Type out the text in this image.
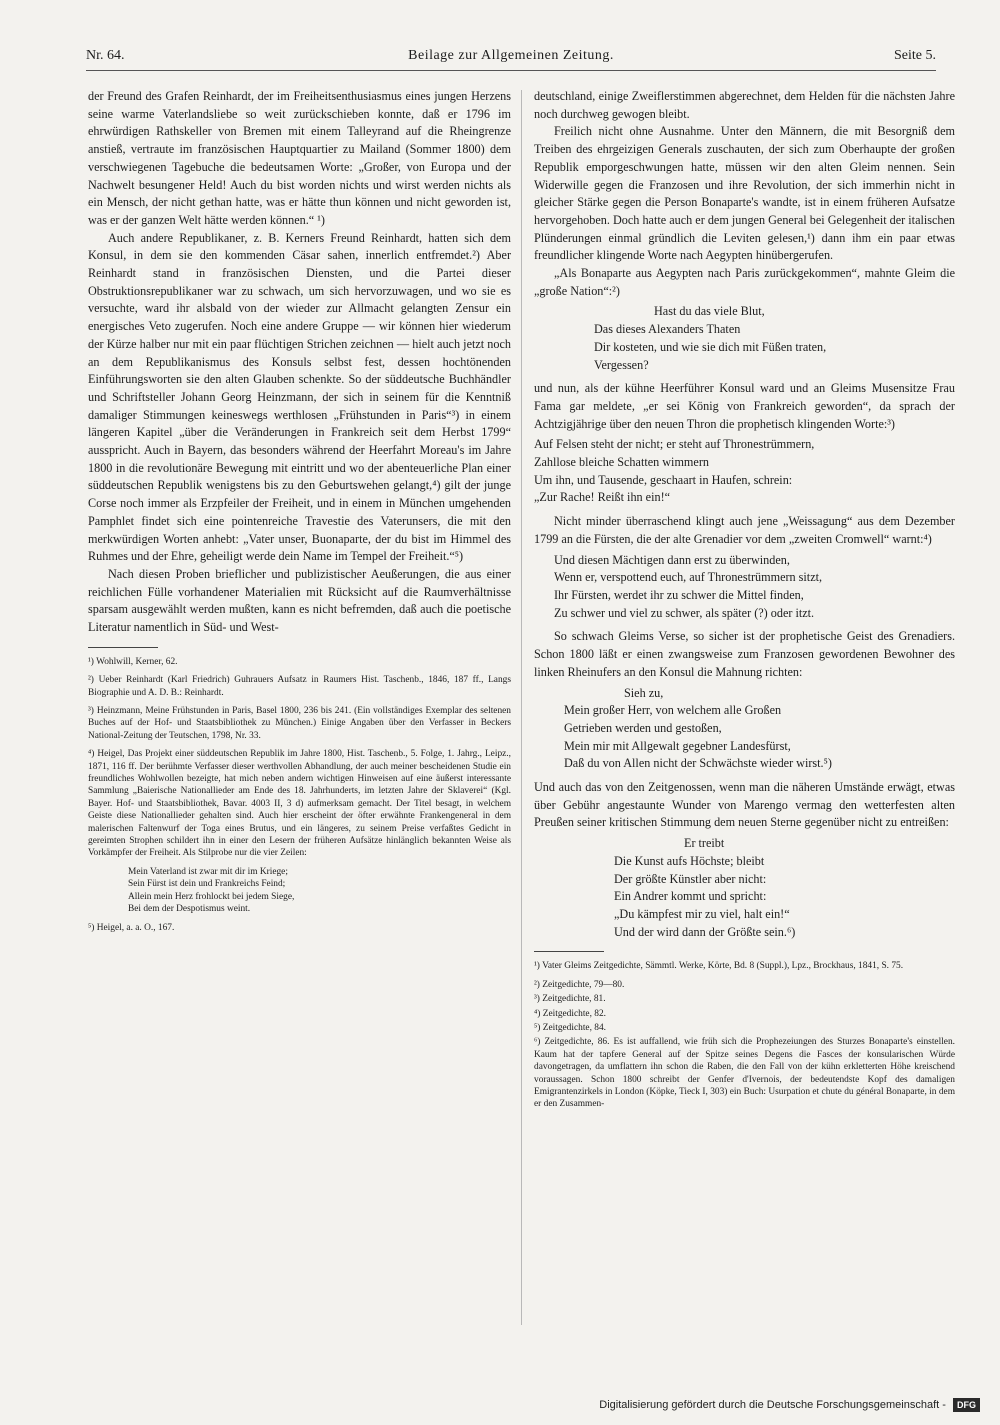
Nr. 64.	Beilage zur Allgemeinen Zeitung.	Seite 5.

der Freund des Grafen Reinhardt, der im Freiheitsenthusiasmus eines jungen Herzens seine warme Vaterlandsliebe so weit zurückschieben konnte, daß er 1796 im ehrwürdigen Rathskeller von Bremen mit einem Talleyrand auf die Rheingrenze anstieß, vertraute im französischen Hauptquartier zu Mailand (Sommer 1800) dem verschwiegenen Tagebuche die bedeutsamen Worte: „Großer, von Europa und der Nachwelt besungener Held! Auch du bist worden nichts und wirst werden nichts als ein Mensch, der nicht gethan hatte, was er hätte thun können und nicht geworden ist, was er der ganzen Welt hätte werden können.“ ¹)

Auch andere Republikaner, z. B. Kerners Freund Reinhardt, hatten sich dem Konsul, in dem sie den kommenden Cäsar sahen, innerlich entfremdet.²) Aber Reinhardt stand in französischen Diensten, und die Partei dieser Obstruktionsrepublikaner war zu schwach, um sich hervorzuwagen, und wo sie es versuchte, ward ihr alsbald von der wieder zur Allmacht gelangten Zensur ein energisches Veto zugerufen. Noch eine andere Gruppe — wir können hier wiederum der Kürze halber nur mit ein paar flüchtigen Strichen zeichnen — hielt auch jetzt noch an dem Republikanismus des Konsuls selbst fest, dessen hochtönenden Einführungsworten sie den alten Glauben schenkte. So der süddeutsche Buchhändler und Schriftsteller Johann Georg Heinzmann, der sich in seinem für die Kenntniß damaliger Stimmungen keineswegs werthlosen „Frühstunden in Paris“³) in einem längeren Kapitel „über die Veränderungen in Frankreich seit dem Herbst 1799“ ausspricht. Auch in Bayern, das besonders während der Heerfahrt Moreau's im Jahre 1800 in die revolutionäre Bewegung mit eintritt und wo der abenteuerliche Plan einer süddeutschen Republik wenigstens bis zu den Geburtswehen gelangt,⁴) gilt der junge Corse noch immer als Erzpfeiler der Freiheit, und in einem in München umgehenden Pamphlet findet sich eine pointenreiche Travestie des Vaterunsers, die mit den merkwürdigen Worten anhebt: „Vater unser, Buonaparte, der du bist im Himmel des Ruhmes und der Ehre, geheiligt werde dein Name im Tempel der Freiheit.“⁵)

Nach diesen Proben brieflicher und publizistischer Aeußerungen, die aus einer reichlichen Fülle vorhandener Materialien mit Rücksicht auf die Raumverhältnisse sparsam ausgewählt werden mußten, kann es nicht befremden, daß auch die poetische Literatur namentlich in Süd- und West-

¹) Wohlwill, Kerner, 62.
²) Ueber Reinhardt (Karl Friedrich) Guhrauers Aufsatz in Raumers Hist. Taschenb., 1846, 187 ff., Langs Biographie und A. D. B.: Reinhardt.
³) Heinzmann, Meine Frühstunden in Paris, Basel 1800, 236 bis 241. (Ein vollständiges Exemplar des seltenen Buches auf der Hof- und Staatsbibliothek zu München.) Einige Angaben über den Verfasser in Beckers National-Zeitung der Teutschen, 1798, Nr. 33.
⁴) Heigel, Das Projekt einer süddeutschen Republik im Jahre 1800, Hist. Taschenb., 5. Folge, 1. Jahrg., Leipz., 1871, 116 ff. Der berühmte Verfasser dieser werthvollen Abhandlung, der auch meiner bescheidenen Studie ein freundliches Wohlwollen bezeigte, hat mich neben andern wichtigen Hinweisen auf eine äußerst interessante Sammlung „Baierische Nationallieder am Ende des 18. Jahrhunderts, im letzten Jahre der Sklaverei“ (Kgl. Bayer. Hof- und Staatsbibliothek, Bavar. 4003 II, 3 d) aufmerksam gemacht. Der Titel besagt, in welchem Geiste diese Nationallieder gehalten sind. Auch hier erscheint der öfter erwähnte Frankengeneral in dem malerischen Faltenwurf der Toga eines Brutus, und ein längeres, zu seinem Preise verfaßtes Gedicht in gereimten Strophen schildert ihn in einer den Lesern der früheren Aufsätze hinlänglich bekannten Weise als Vorkämpfer der Freiheit. Als Stilprobe nur die vier Zeilen:
Mein Vaterland ist zwar mit dir im Kriege;
Sein Fürst ist dein und Frankreichs Feind;
Allein mein Herz frohlockt bei jedem Siege,
Bei dem der Despotismus weint.
⁵) Heigel, a. a. O., 167.

deutschland, einige Zweiflerstimmen abgerechnet, dem Helden für die nächsten Jahre noch durchweg gewogen bleibt.

Freilich nicht ohne Ausnahme. Unter den Männern, die mit Besorgniß dem Treiben des ehrgeizigen Generals zuschauten, der sich zum Oberhaupte der großen Republik emporgeschwungen hatte, müssen wir den alten Gleim nennen. Sein Widerwille gegen die Franzosen und ihre Revolution, der sich immerhin nicht in gleicher Stärke gegen die Person Bonaparte's wandte, ist in einem früheren Aufsatze hervorgehoben. Doch hatte auch er dem jungen General bei Gelegenheit der italischen Plünderungen einmal gründlich die Leviten gelesen,¹) dann ihm ein paar etwas freundlicher klingende Worte nach Aegypten hinübergerufen.

„Als Bonaparte aus Aegypten nach Paris zurückgekommen“, mahnte Gleim die „große Nation“:²)

Hast du das viele Blut,
Das dieses Alexanders Thaten
Dir kosteten, und wie sie dich mit Füßen traten,
Vergessen?

und nun, als der kühne Heerführer Konsul ward und an Gleims Musensitze Frau Fama gar meldete, „er sei König von Frankreich geworden“, da sprach der Achtzigjährige über den neuen Thron die prophetisch klingenden Worte:³)

Auf Felsen steht der nicht; er steht auf Thronestrümmern,
Zahllose bleiche Schatten wimmern
Um ihn, und Tausende, geschaart in Haufen, schrein:
„Zur Rache! Reißt ihn ein!“

Nicht minder überraschend klingt auch jene „Weissagung“ aus dem Dezember 1799 an die Fürsten, die der alte Grenadier vor dem „zweiten Cromwell“ warnt:⁴)

Und diesen Mächtigen dann erst zu überwinden,
Wenn er, verspottend euch, auf Thronestrümmern sitzt,
Ihr Fürsten, werdet ihr zu schwer die Mittel finden,
Zu schwer und viel zu schwer, als später (?) oder itzt.

So schwach Gleims Verse, so sicher ist der prophetische Geist des Grenadiers. Schon 1800 läßt er einen zwangsweise zum Franzosen gewordenen Bewohner des linken Rheinufers an den Konsul die Mahnung richten:

Sieh zu,
Mein großer Herr, von welchem alle Großen
Getrieben werden und gestoßen,
Mein mir mit Allgewalt gegebner Landesfürst,
Daß du von Allen nicht der Schwächste wieder wirst.⁵)

Und auch das von den Zeitgenossen, wenn man die näheren Umstände erwägt, etwas über Gebühr angestaunte Wunder von Marengo vermag den wetterfesten alten Preußen seiner kritischen Stimmung dem neuen Sterne gegenüber nicht zu entreißen:

Er treibt
Die Kunst aufs Höchste; bleibt
Der größte Künstler aber nicht:
Ein Andrer kommt und spricht:
„Du kämpfest mir zu viel, halt ein!“
Und der wird dann der Größte sein.⁶)
¹) Vater Gleims Zeitgedichte, Sämmtl. Werke, Körte, Bd. 8 (Suppl.), Lpz., Brockhaus, 1841, S. 75.
²) Zeitgedichte, 79—80.
³) Zeitgedichte, 81.
⁴) Zeitgedichte, 82.
⁵) Zeitgedichte, 84.
⁶) Zeitgedichte, 86. Es ist auffallend, wie früh sich die Prophezeiungen des Sturzes Bonaparte's einstellen. Kaum hat der tapfere General auf der Spitze seines Degens die Fasces der konsularischen Würde davongetragen, da umflattern ihn schon die Raben, die den Fall von der kühn erkletterten Höhe kreischend voraussagen. Schon 1800 schreibt der Genfer d'Ivernois, der bedeutendste Kopf des damaligen Emigrantenzirkels in London (Köpke, Tieck I, 303) ein Buch: Usurpation et chute du général Bonaparte, in dem er den Zusammen-
Digitalisierung gefördert durch die Deutsche Forschungsgemeinschaft - DFG
